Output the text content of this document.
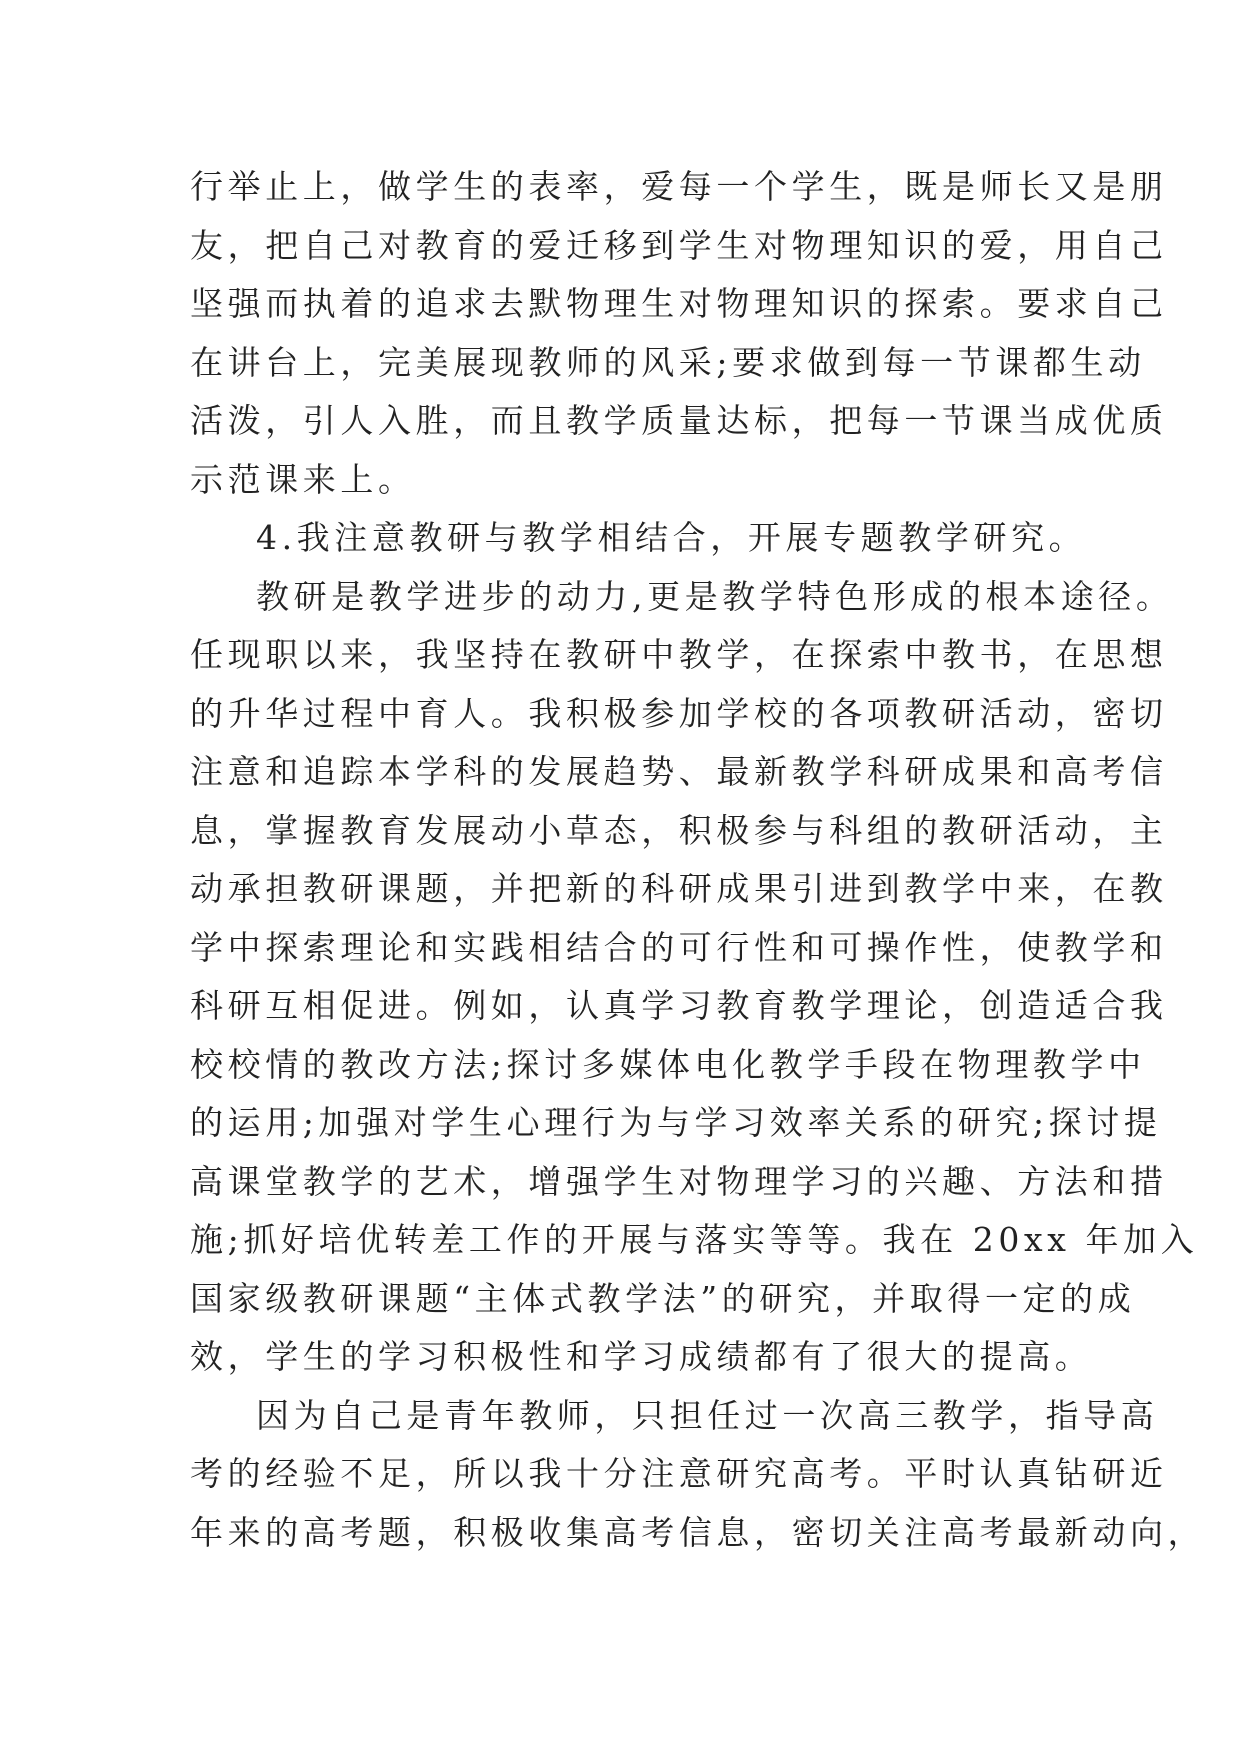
行举止上，做学生的表率，爱每一个学生，既是师长又是朋
友，把自己对教育的爱迁移到学生对物理知识的爱，用自己
坚强而执着的追求去默物理生对物理知识的探索。要求自己
在讲台上，完美展现教师的风采;要求做到每一节课都生动
活泼，引人入胜，而且教学质量达标，把每一节课当成优质
示范课来上。
4.我注意教研与教学相结合，开展专题教学研究。
教研是教学进步的动力,更是教学特色形成的根本途径。
任现职以来，我坚持在教研中教学，在探索中教书，在思想
的升华过程中育人。我积极参加学校的各项教研活动，密切
注意和追踪本学科的发展趋势、最新教学科研成果和高考信
息，掌握教育发展动小草态，积极参与科组的教研活动，主
动承担教研课题，并把新的科研成果引进到教学中来，在教
学中探索理论和实践相结合的可行性和可操作性，使教学和
科研互相促进。例如，认真学习教育教学理论，创造适合我
校校情的教改方法;探讨多媒体电化教学手段在物理教学中
的运用;加强对学生心理行为与学习效率关系的研究;探讨提
高课堂教学的艺术，增强学生对物理学习的兴趣、方法和措
施;抓好培优转差工作的开展与落实等等。我在 20xx 年加入
国家级教研课题“主体式教学法”的研究，并取得一定的成
效，学生的学习积极性和学习成绩都有了很大的提高。
因为自己是青年教师，只担任过一次高三教学，指导高
考的经验不足，所以我十分注意研究高考。平时认真钻研近
年来的高考题，积极收集高考信息，密切关注高考最新动向，
